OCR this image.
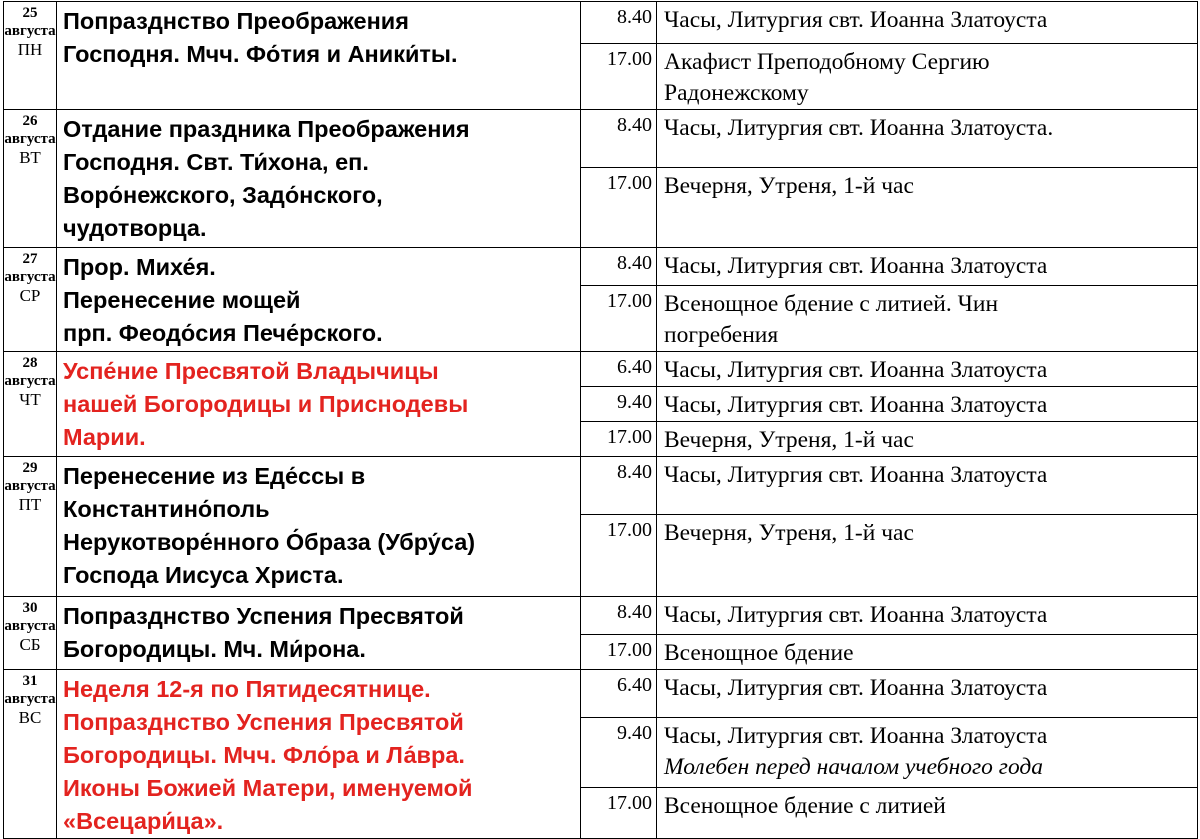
25
августа
ПН	Попразднство Преображения
Господня. Мчч. Фо́тия и Аники́ты.	8.40	Часы, Литургия свт. Иоанна Златоуста

		17.00	Акафист Преподобному Сергию
Радонежскому

26
августа
ВТ	Отдание праздника Преображения
Господня. Свт. Ти́хона, еп.
Воро́нежского, Задо́нского,
чудотворца.	8.40	Часы, Литургия свт. Иоанна Златоуста.

		17.00	Вечерня, Утреня, 1-й час

27
августа
СР	Прор. Михе́я.
Перенесение мощей
прп. Феодо́сия Пече́рского.	8.40	Часы, Литургия свт. Иоанна Златоуста

		17.00	Всенощное бдение с литией. Чин
погребения

28
августа
ЧТ	Успе́ние Пресвятой Владычицы
нашей Богородицы и Приснодевы
Марии.	6.40	Часы, Литургия свт. Иоанна Златоуста

		9.40	Часы, Литургия свт. Иоанна Златоуста

		17.00	Вечерня, Утреня, 1-й час

29
августа
ПТ	Перенесение из Еде́ссы в
Константино́поль
Нерукотворе́нного О́браза (Убру́са)
Господа Иисуса Христа.	8.40	Часы, Литургия свт. Иоанна Златоуста

		17.00	Вечерня, Утреня, 1-й час

30
августа
СБ	Попразднство Успения Пресвятой
Богородицы. Мч. Ми́рона.	8.40	Часы, Литургия свт. Иоанна Златоуста

		17.00	Всенощное бдение

31
августа
ВС	Неделя 12-я по Пятидесятнице.
Попразднство Успения Пресвятой
Богородицы. Мчч. Фло́ра и Ла́вра.
Иконы Божией Матери, именуемой
«Всецари́ца».	6.40	Часы, Литургия свт. Иоанна Златоуста

		9.40	Часы, Литургия свт. Иоанна Златоуста
Молебен перед началом учебного года

		17.00	Всенощное бдение с литией
